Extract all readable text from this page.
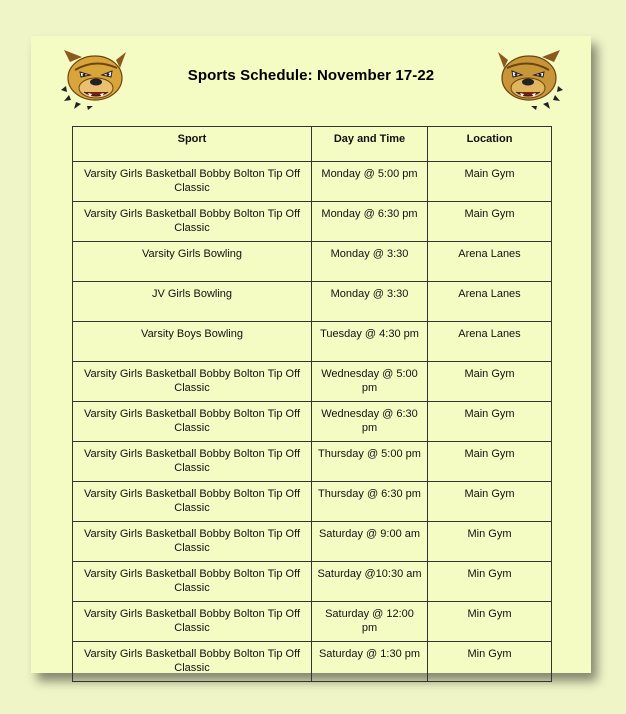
Sports Schedule: November 17-22
Sport	Day and Time	Location
Varsity Girls Basketball Bobby Bolton Tip Off Classic	Monday @ 5:00 pm	Main Gym
Varsity Girls Basketball Bobby Bolton Tip Off Classic	Monday @ 6:30 pm	Main Gym
Varsity Girls Bowling	Monday @ 3:30	Arena Lanes
JV Girls Bowling	Monday @ 3:30	Arena Lanes
Varsity Boys Bowling	Tuesday @ 4:30 pm	Arena Lanes
Varsity Girls Basketball Bobby Bolton Tip Off Classic	Wednesday @ 5:00 pm	Main Gym
Varsity Girls Basketball Bobby Bolton Tip Off Classic	Wednesday @ 6:30 pm	Main Gym
Varsity Girls Basketball Bobby Bolton Tip Off Classic	Thursday @ 5:00 pm	Main Gym
Varsity Girls Basketball Bobby Bolton Tip Off Classic	Thursday @ 6:30 pm	Main Gym
Varsity Girls Basketball Bobby Bolton Tip Off Classic	Saturday @ 9:00 am	Min Gym
Varsity Girls Basketball Bobby Bolton Tip Off Classic	Saturday @10:30 am	Min Gym
Varsity Girls Basketball Bobby Bolton Tip Off Classic	Saturday @ 12:00 pm	Min Gym
Varsity Girls Basketball Bobby Bolton Tip Off Classic	Saturday @ 1:30 pm	Min Gym
